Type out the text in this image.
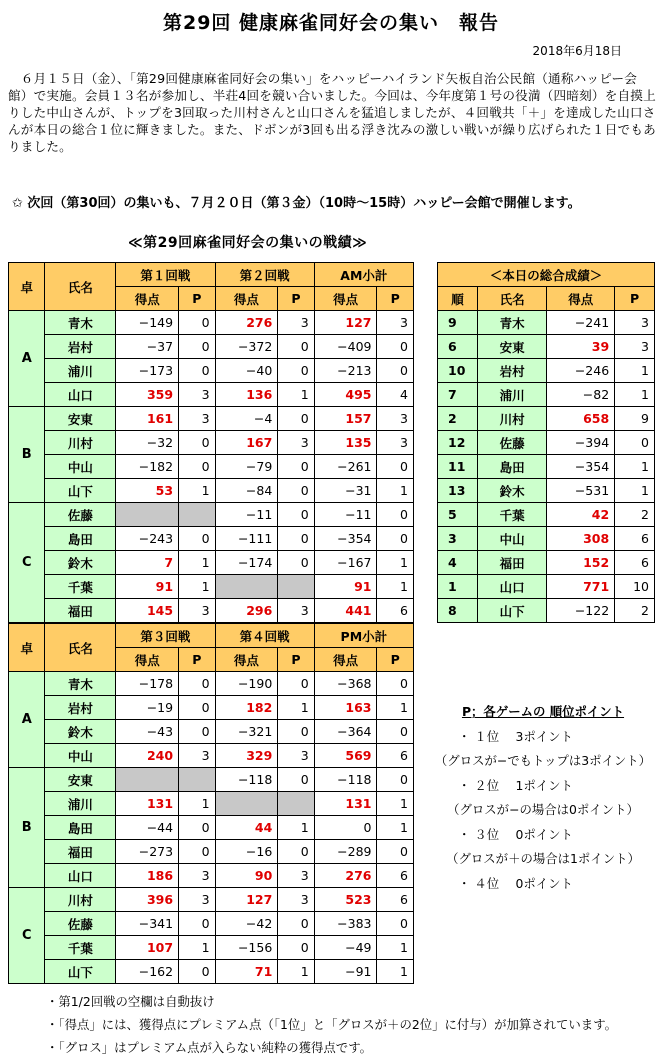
第29回 健康麻雀同好会の集い　報告
2018年6月18日
　６月１５日（金）、「第29回健康麻雀同好会の集い」をハッピーハイランド矢板自治公民館（通称ハッピー会館）で実施。会員１３名が参加し、半荘4回を競い合いました。今回は、今年度第１号の役満（四暗刻）を自摸上りした中山さんが、トップを3回取った川村さんと山口さんを猛追しましたが、４回戦共「＋」を達成した山口さんが本日の総合１位に輝きました。また、ドボンが3回も出る浮き沈みの激しい戦いが繰り広げられた１日でもありました。
✩ 次回（第30回）の集いも、７月２０日（第３金）（10時～15時）ハッピー会館で開催します。
≪第29回麻雀同好会の集いの戦績≫
卓	氏名	第１回戦		第２回戦		AM小計	
		得点	P	得点	P	得点	P
A	青木	−149	0	276	3	127	3
	岩村	−37	0	−372	0	−409	0
	浦川	−173	0	−40	0	−213	0
	山口	359	3	136	1	495	4
B	安東	161	3	−4	0	157	3
	川村	−32	0	167	3	135	3
	中山	−182	0	−79	0	−261	0
	山下	53	1	−84	0	−31	1
C	佐藤			−11	0	−11	0
	島田	−243	0	−111	0	−354	0
	鈴木	7	1	−174	0	−167	1
	千葉	91	1			91	1
	福田	145	3	296	3	441	6
卓	氏名	第３回戦		第４回戦		PM小計	
		得点	P	得点	P	得点	P
A	青木	−178	0	−190	0	−368	0
	岩村	−19	0	182	1	163	1
	鈴木	−43	0	−321	0	−364	0
	中山	240	3	329	3	569	6
B	安東			−118	0	−118	0
	浦川	131	1			131	1
	島田	−44	0	44	1	0	1
	福田	−273	0	−16	0	−289	0
	山口	186	3	90	3	276	6
C	川村	396	3	127	3	523	6
	佐藤	−341	0	−42	0	−383	0
	千葉	107	1	−156	0	−49	1
	山下	−162	0	71	1	−91	1
＜本日の総合成績＞			
順	氏名	得点	P
9	青木	−241	3
6	安東	39	3
10	岩村	−246	1
7	浦川	−82	1
2	川村	658	9
12	佐藤	−394	0
11	島田	−354	1
13	鈴木	−531	1
5	千葉	42	2
3	中山	308	6
4	福田	152	6
1	山口	771	10
8	山下	−122	2
P；各ゲームの 順位ポイント
・ １位　 3ポイント
（グロスが−でもトップは3ポイント）
・ ２位　 1ポイント
（グロスが−の場合は0ポイント）
・ ３位　 0ポイント
（グロスが＋の場合は1ポイント）
・ ４位　 0ポイント
・第1/2回戦の空欄は自動抜け
・「得点」には、獲得点にプレミアム点（「1位」と「グロスが＋の2位」に付与）が加算されています。
・「グロス」はプレミアム点が入らない純粋の獲得点です。
